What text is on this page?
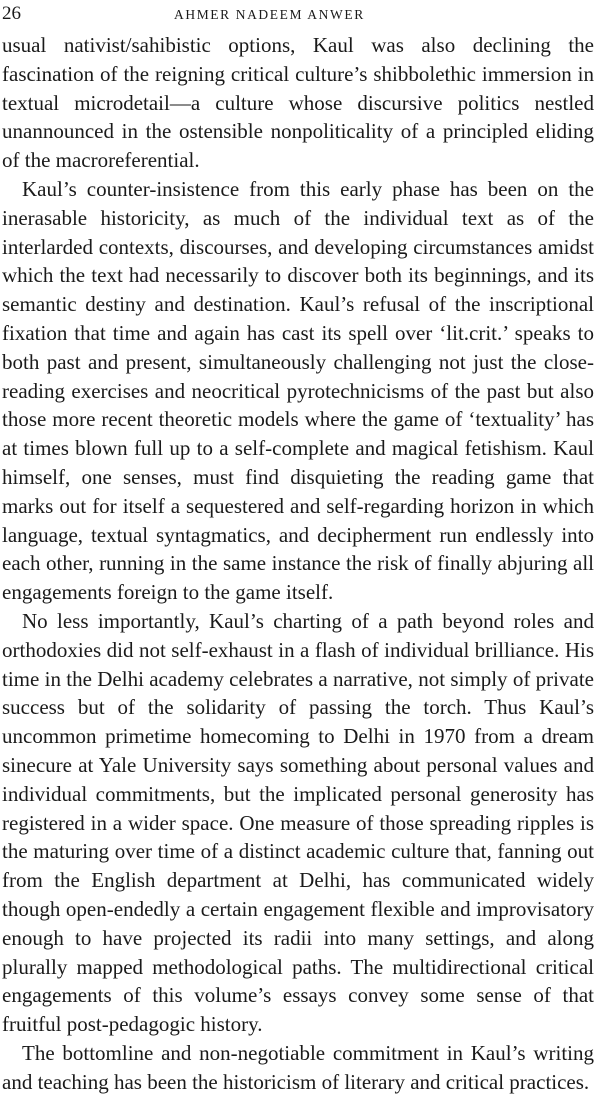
26	AHMER NADEEM ANWER

usual nativist/sahibistic options, Kaul was also declining the fascination of the reigning critical culture’s shibbolethic immersion in textual microdetail—a culture whose discursive politics nestled unannounced in the ostensible nonpoliticality of a principled eliding of the macroreferential.

Kaul’s counter-insistence from this early phase has been on the inerasable historicity, as much of the individual text as of the interlarded contexts, discourses, and developing circumstances amidst which the text had necessarily to discover both its beginnings, and its semantic destiny and destination. Kaul’s refusal of the inscriptional fixation that time and again has cast its spell over ‘lit.crit.’ speaks to both past and present, simultaneously challenging not just the close-reading exercises and neocritical pyrotechnicisms of the past but also those more recent theoretic models where the game of ‘textuality’ has at times blown full up to a self-complete and magical fetishism. Kaul himself, one senses, must find disquieting the reading game that marks out for itself a sequestered and self-regarding horizon in which language, textual syntagmatics, and decipherment run endlessly into each other, running in the same instance the risk of finally abjuring all engagements foreign to the game itself.

No less importantly, Kaul’s charting of a path beyond roles and orthodoxies did not self-exhaust in a flash of individual brilliance. His time in the Delhi academy celebrates a narrative, not simply of private success but of the solidarity of passing the torch. Thus Kaul’s uncommon primetime homecoming to Delhi in 1970 from a dream sinecure at Yale University says something about personal values and individual commitments, but the implicated personal generosity has registered in a wider space. One measure of those spreading ripples is the maturing over time of a distinct academic culture that, fanning out from the English department at Delhi, has communicated widely though open-endedly a certain engagement flexible and improvisatory enough to have projected its radii into many settings, and along plurally mapped methodological paths. The multidirectional critical engagements of this volume’s essays convey some sense of that fruitful post-pedagogic history.

The bottomline and non-negotiable commitment in Kaul’s writing and teaching has been the historicism of literary and critical practices.
